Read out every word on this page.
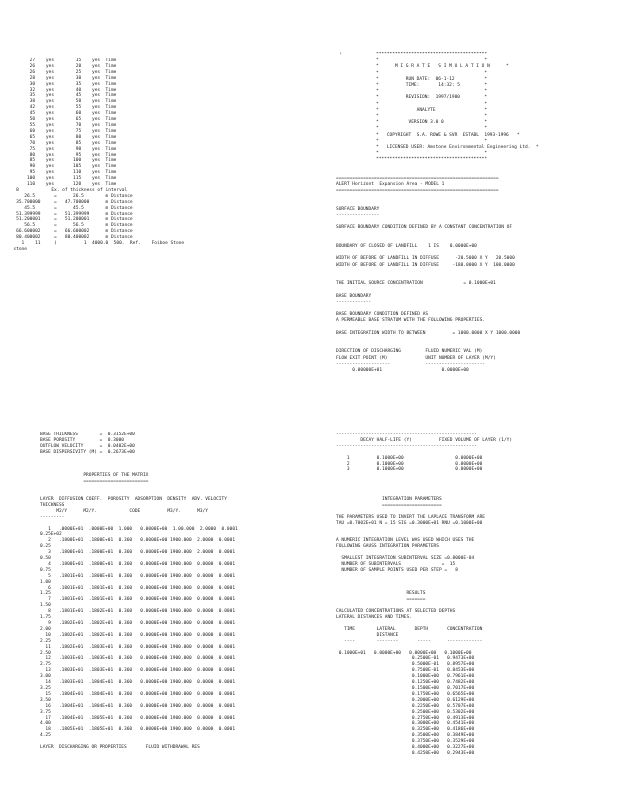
27    yes        15    yes  Time
26    yes        20    yes  Time
26    yes        25    yes  Time
28    yes        30    yes  Time
30    yes        35    yes  Time
32    yes        40    yes  Time
35    yes        45    yes  Time
38    yes        50    yes  Time
42    yes        55    yes  Time
45    yes        60    yes  Time
50    yes        65    yes  Time
55    yes        70    yes  Time
60    yes        75    yes  Time
65    yes        80    yes  Time
70    yes        85    yes  Time
75    yes        90    yes  Time
80    yes        95    yes  Time
85    yes       100    yes  Time
90    yes       105    yes  Time
95    yes       110    yes  Time
100    yes       115    yes  Time
110    yes       120    yes  Time
8            Ex. of thickness of interval
26.5       =      26.5        m Distance
35.700000     =   47.700000      m Distance
45.5       =      45.5        m Distance
51.399999     =   51.399999      m Distance
51.200001     =   51.200001      m Distance
56.5       =      56.5        m Distance
66.600002     =   66.600002      m Distance
80.400002     =   80.400002      m Distance
1    11     (          1  4000.0  500.  Ref.    Foiboe Stone
stone
*****************************************
*                                       *
*      M I G R A T E   S I M U L A T I O N      *
*                                       *
*          RUN DATE:  06-1-12           *
*          TIME:       14:32: 5         *
*                                       *
*          REVISION:  1997/1980         *
*                                       *
*              ANALYTE                  *
*                                       *
*           VERSION 3.0 0               *
*                                       *
*   COPYRIGHT  S.A. ROWE & SVR  ESTABL  1993-1996   *
*                                       *
*   LICENSED USER: Amstone Environmental Engineering Ltd.  *
*                                       *
*****************************************
============================================================
ALERT Horizont  Expansion Area - MODEL 1
============================================================

SURFACE BOUNDARY
----------------

SURFACE BOUNDARY CONDITION DEFINED BY A CONSTANT CONCENTRATION OF

BOUNDARY OF CLOSED OF LANDFILL    1 IS    0.0000E+00

WIDTH OF BEFORE OF LANDFILL IN DIFFUSE      -20.5000 X Y   20.5000
WIDTH OF BEFORE OF LANDFILL IN DIFFUSE     -180.0000 X Y  180.0000

THE INITIAL SOURCE CONCENTRATION               = 0.1000E+01

BASE BOUNDARY
-------------

BASE BOUNDARY CONDITION DEFINED AS
A PERMEABLE BASE STRATUM WITH THE FOLLOWING PROPERTIES.

BASE INTEGRATION WIDTH TO BETWEEN          = 1000.0000 X Y 1000.0000

DIRECTION OF DISCHARGING         FLUID NUMERIC VAL (M)
FLOW EXIT POINT (M)              UNIT NUMBER OF LAYER (M/Y)
--------------------             ----------------------
0.00000E+01                      0.0000E+00
BASE THICKNESS        =  0.3152E+00
BASE POROSITY         =  0.3000
OUTFLOW VELOCITY      =  0.0402E+00
BASE DISPERSIVITY (M) =  0.2673E+00

PROPERTIES OF THE MATRIX
========================

LAYER  DIFFUSION COEFF.  POROSITY  ADSORPTION  DENSITY  ADV. VELOCITY
THICKNESS
M2/Y      M2/Y.            CODE          M3/Y.      M3/Y
---------

1   .0000E+01  .0000E+00  1.000   0.0000E+00  1.00.000  2.0000  0.0001
0.25E+02
2   .1800E+01  .1800E+01  0.360   0.0000E+00 1900.000  2.0000  0.0001
0.25
3   .1800E+01  .1800E+01  0.360   0.0000E+00 1900.000  2.0000  0.0001
0.50
4   .1800E+01  .1800E+01  0.360   0.0000E+00 1900.000  0.0000  0.0001
0.75
5   .1801E+01  .1800E+01  0.360   0.0000E+00 1900.000  0.0000  0.0001
1.00
6   .1801E+01  .1801E+01  0.360   0.0000E+00 1900.000  0.0000  0.0001
1.25
7   .1801E+01  .1801E+01  0.360   0.0000E+00 1900.000  0.0000  0.0001
1.50
8   .1801E+01  .1802E+01  0.360   0.0000E+00 1900.000  0.0000  0.0001
1.75
9   .1802E+01  .1802E+01  0.360   0.0000E+00 1900.000  0.0000  0.0001
2.00
10   .1802E+01  .1802E+01  0.360   0.0000E+00 1900.000  0.0000  0.0001
2.25
11   .1802E+01  .1803E+01  0.360   0.0000E+00 1900.000  0.0000  0.0001
2.50
12   .1803E+01  .1803E+01  0.360   0.0000E+00 1900.000  0.0000  0.0001
2.75
13   .1803E+01  .1803E+01  0.360   0.0000E+00 1900.000  0.0000  0.0001
3.00
14   .1803E+01  .1804E+01  0.360   0.0000E+00 1900.000  0.0000  0.0001
3.25
15   .1804E+01  .1804E+01  0.360   0.0000E+00 1900.000  0.0000  0.0001
3.50
16   .1804E+01  .1804E+01  0.360   0.0000E+00 1900.000  0.0000  0.0001
3.75
17   .1804E+01  .1805E+01  0.360   0.0000E+00 1900.000  0.0000  0.0001
4.00
18   .1805E+01  .1805E+01  0.360   0.0000E+00 1900.000  0.0000  0.0001
4.25

LAYER  DISCHARGING OR PROPERTIES       FLUID WITHDRAWAL RES
----------------------------------------------------
DECAY HALF-LIFE (Y)          FIXED VOLUME OF LAYER (1/Y)
----------------------------------------------------

1          0.1000E+00                   0.0000E+00
2          0.1000E+00                   0.0000E+00
3          0.1000E+00                   0.0000E+00

INTEGRATION PARAMETERS
======================

THE PARAMETERS USED TO INVERT THE LAPLACE TRANSFORM ARE
TAU =0.7002E+01 N = 15 SIG =0.3000E+01 RNU =0.1000E+00

A NUMERIC INTEGRATION LEVEL WAS USED WHICH USES THE
FOLLOWING GAUSS INTEGRATION PARAMETERS

SMALLEST INTEGRATION SUBINTERVAL SIZE =0.8000E-04
NUMBER OF SUBINTERVALS               =  15
NUMBER OF SAMPLE POINTS USED PER STEP =   8

RESULTS
=======

CALCULATED CONCENTRATIONS AT SELECTED DEPTHS
LATERAL DISTANCES AND TIMES.

TIME        LATERAL       DEPTH       CONCENTRATION
DISTANCE
----        --------       -----      -------------

0.1000E+01   0.0000E+00   0.0000E+00   0.1000E+00
0.2500E-01   0.9473E+00
0.5000E-01   0.8957E+00
0.7500E-01   0.8453E+00
0.1000E+00   0.7961E+00
0.1250E+00   0.7482E+00
0.1500E+00   0.7017E+00
0.1750E+00   0.6565E+00
0.2000E+00   0.6129E+00
0.2250E+00   0.5707E+00
0.2500E+00   0.5302E+00
0.2750E+00   0.4913E+00
0.3000E+00   0.4541E+00
0.3250E+00   0.4186E+00
0.3500E+00   0.3849E+00
0.3750E+00   0.3529E+00
0.4000E+00   0.3227E+00
0.4250E+00   0.2943E+00
'
